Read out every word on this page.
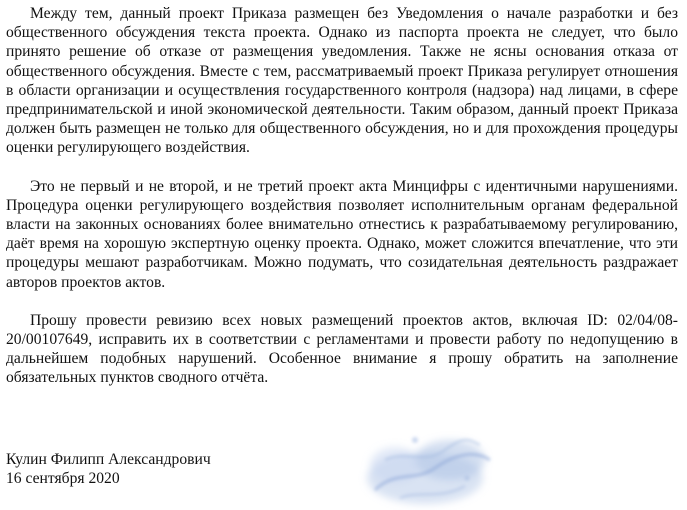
Между тем, данный проект Приказа размещен без Уведомления о начале разработки и без общественного обсуждения текста проекта. Однако из паспорта проекта не следует, что было принято решение об отказе от размещения уведомления. Также не ясны основания отказа от общественного обсуждения. Вместе с тем, рассматриваемый проект Приказа регулирует отношения в области организации и осуществления государственного контроля (надзора) над лицами, в сфере предпринимательской и иной экономической деятельности. Таким образом, данный проект Приказа должен быть размещен не только для общественного обсуждения, но и для прохождения процедуры оценки регулирующего воздействия.

Это не первый и не второй, и не третий проект акта Минцифры с идентичными нарушениями. Процедура оценки регулирующего воздействия позволяет исполнительным органам федеральной власти на законных основаниях более внимательно отнестись к разрабатываемому регулированию, даёт время на хорошую экспертную оценку проекта. Однако, может сложится впечатление, что эти процедуры мешают разработчикам. Можно подумать, что созидательная деятельность раздражает авторов проектов актов.

Прошу провести ревизию всех новых размещений проектов актов, включая ID: 02/04/08-20/00107649, исправить их в соответствии с регламентами и провести работу по недопущению в дальнейшем подобных нарушений. Особенное внимание я прошу обратить на заполнение обязательных пунктов сводного отчёта.

Кулин Филипп Александрович
16 сентября 2020
